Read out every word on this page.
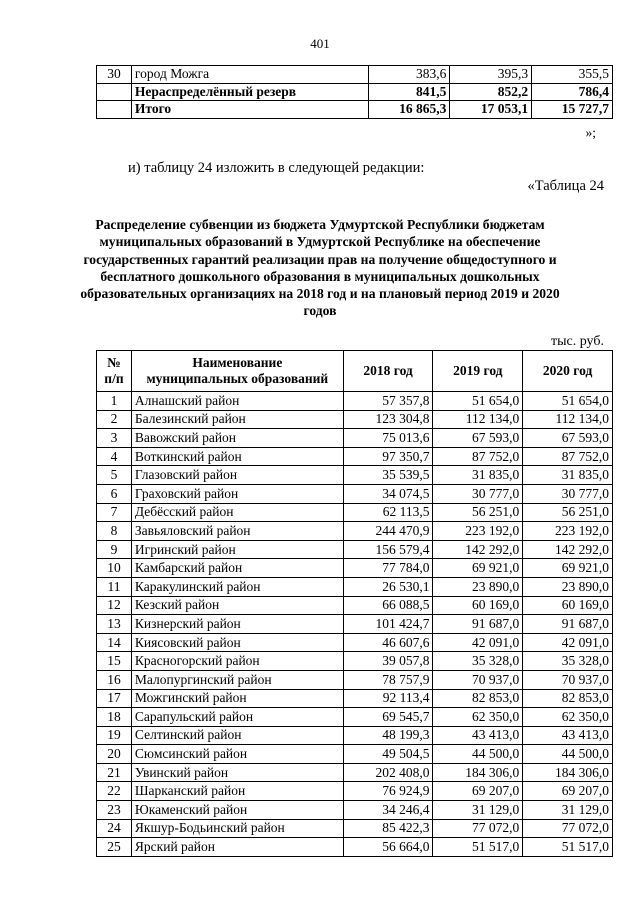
401
30	город Можга	383,6	395,3	355,5
	Нераспределённый резерв	841,5	852,2	786,4
	Итого	16 865,3	17 053,1	15 727,7
»;
и) таблицу 24 изложить в следующей редакции:
«Таблица 24
Распределение субвенции из бюджета Удмуртской Республики бюджетам муниципальных образований в Удмуртской Республике на обеспечение государственных гарантий реализации прав на получение общедоступного и бесплатного дошкольного образования в муниципальных дошкольных образовательных организациях на 2018 год и на плановый период 2019 и 2020 годов
тыс. руб.
№
п/п	Наименование
муниципальных образований	2018 год	2019 год	2020 год
1	Алнашский район	57 357,8	51 654,0	51 654,0
2	Балезинский район	123 304,8	112 134,0	112 134,0
3	Вавожский район	75 013,6	67 593,0	67 593,0
4	Воткинский район	97 350,7	87 752,0	87 752,0
5	Глазовский район	35 539,5	31 835,0	31 835,0
6	Граховский район	34 074,5	30 777,0	30 777,0
7	Дебёсский район	62 113,5	56 251,0	56 251,0
8	Завьяловский район	244 470,9	223 192,0	223 192,0
9	Игринский район	156 579,4	142 292,0	142 292,0
10	Камбарский район	77 784,0	69 921,0	69 921,0
11	Каракулинский район	26 530,1	23 890,0	23 890,0
12	Кезский район	66 088,5	60 169,0	60 169,0
13	Кизнерский район	101 424,7	91 687,0	91 687,0
14	Киясовский район	46 607,6	42 091,0	42 091,0
15	Красногорский район	39 057,8	35 328,0	35 328,0
16	Малопургинский район	78 757,9	70 937,0	70 937,0
17	Можгинский район	92 113,4	82 853,0	82 853,0
18	Сарапульский район	69 545,7	62 350,0	62 350,0
19	Селтинский район	48 199,3	43 413,0	43 413,0
20	Сюмсинский район	49 504,5	44 500,0	44 500,0
21	Увинский район	202 408,0	184 306,0	184 306,0
22	Шарканский район	76 924,9	69 207,0	69 207,0
23	Юкаменский район	34 246,4	31 129,0	31 129,0
24	Якшур-Бодьинский район	85 422,3	77 072,0	77 072,0
25	Ярский район	56 664,0	51 517,0	51 517,0
